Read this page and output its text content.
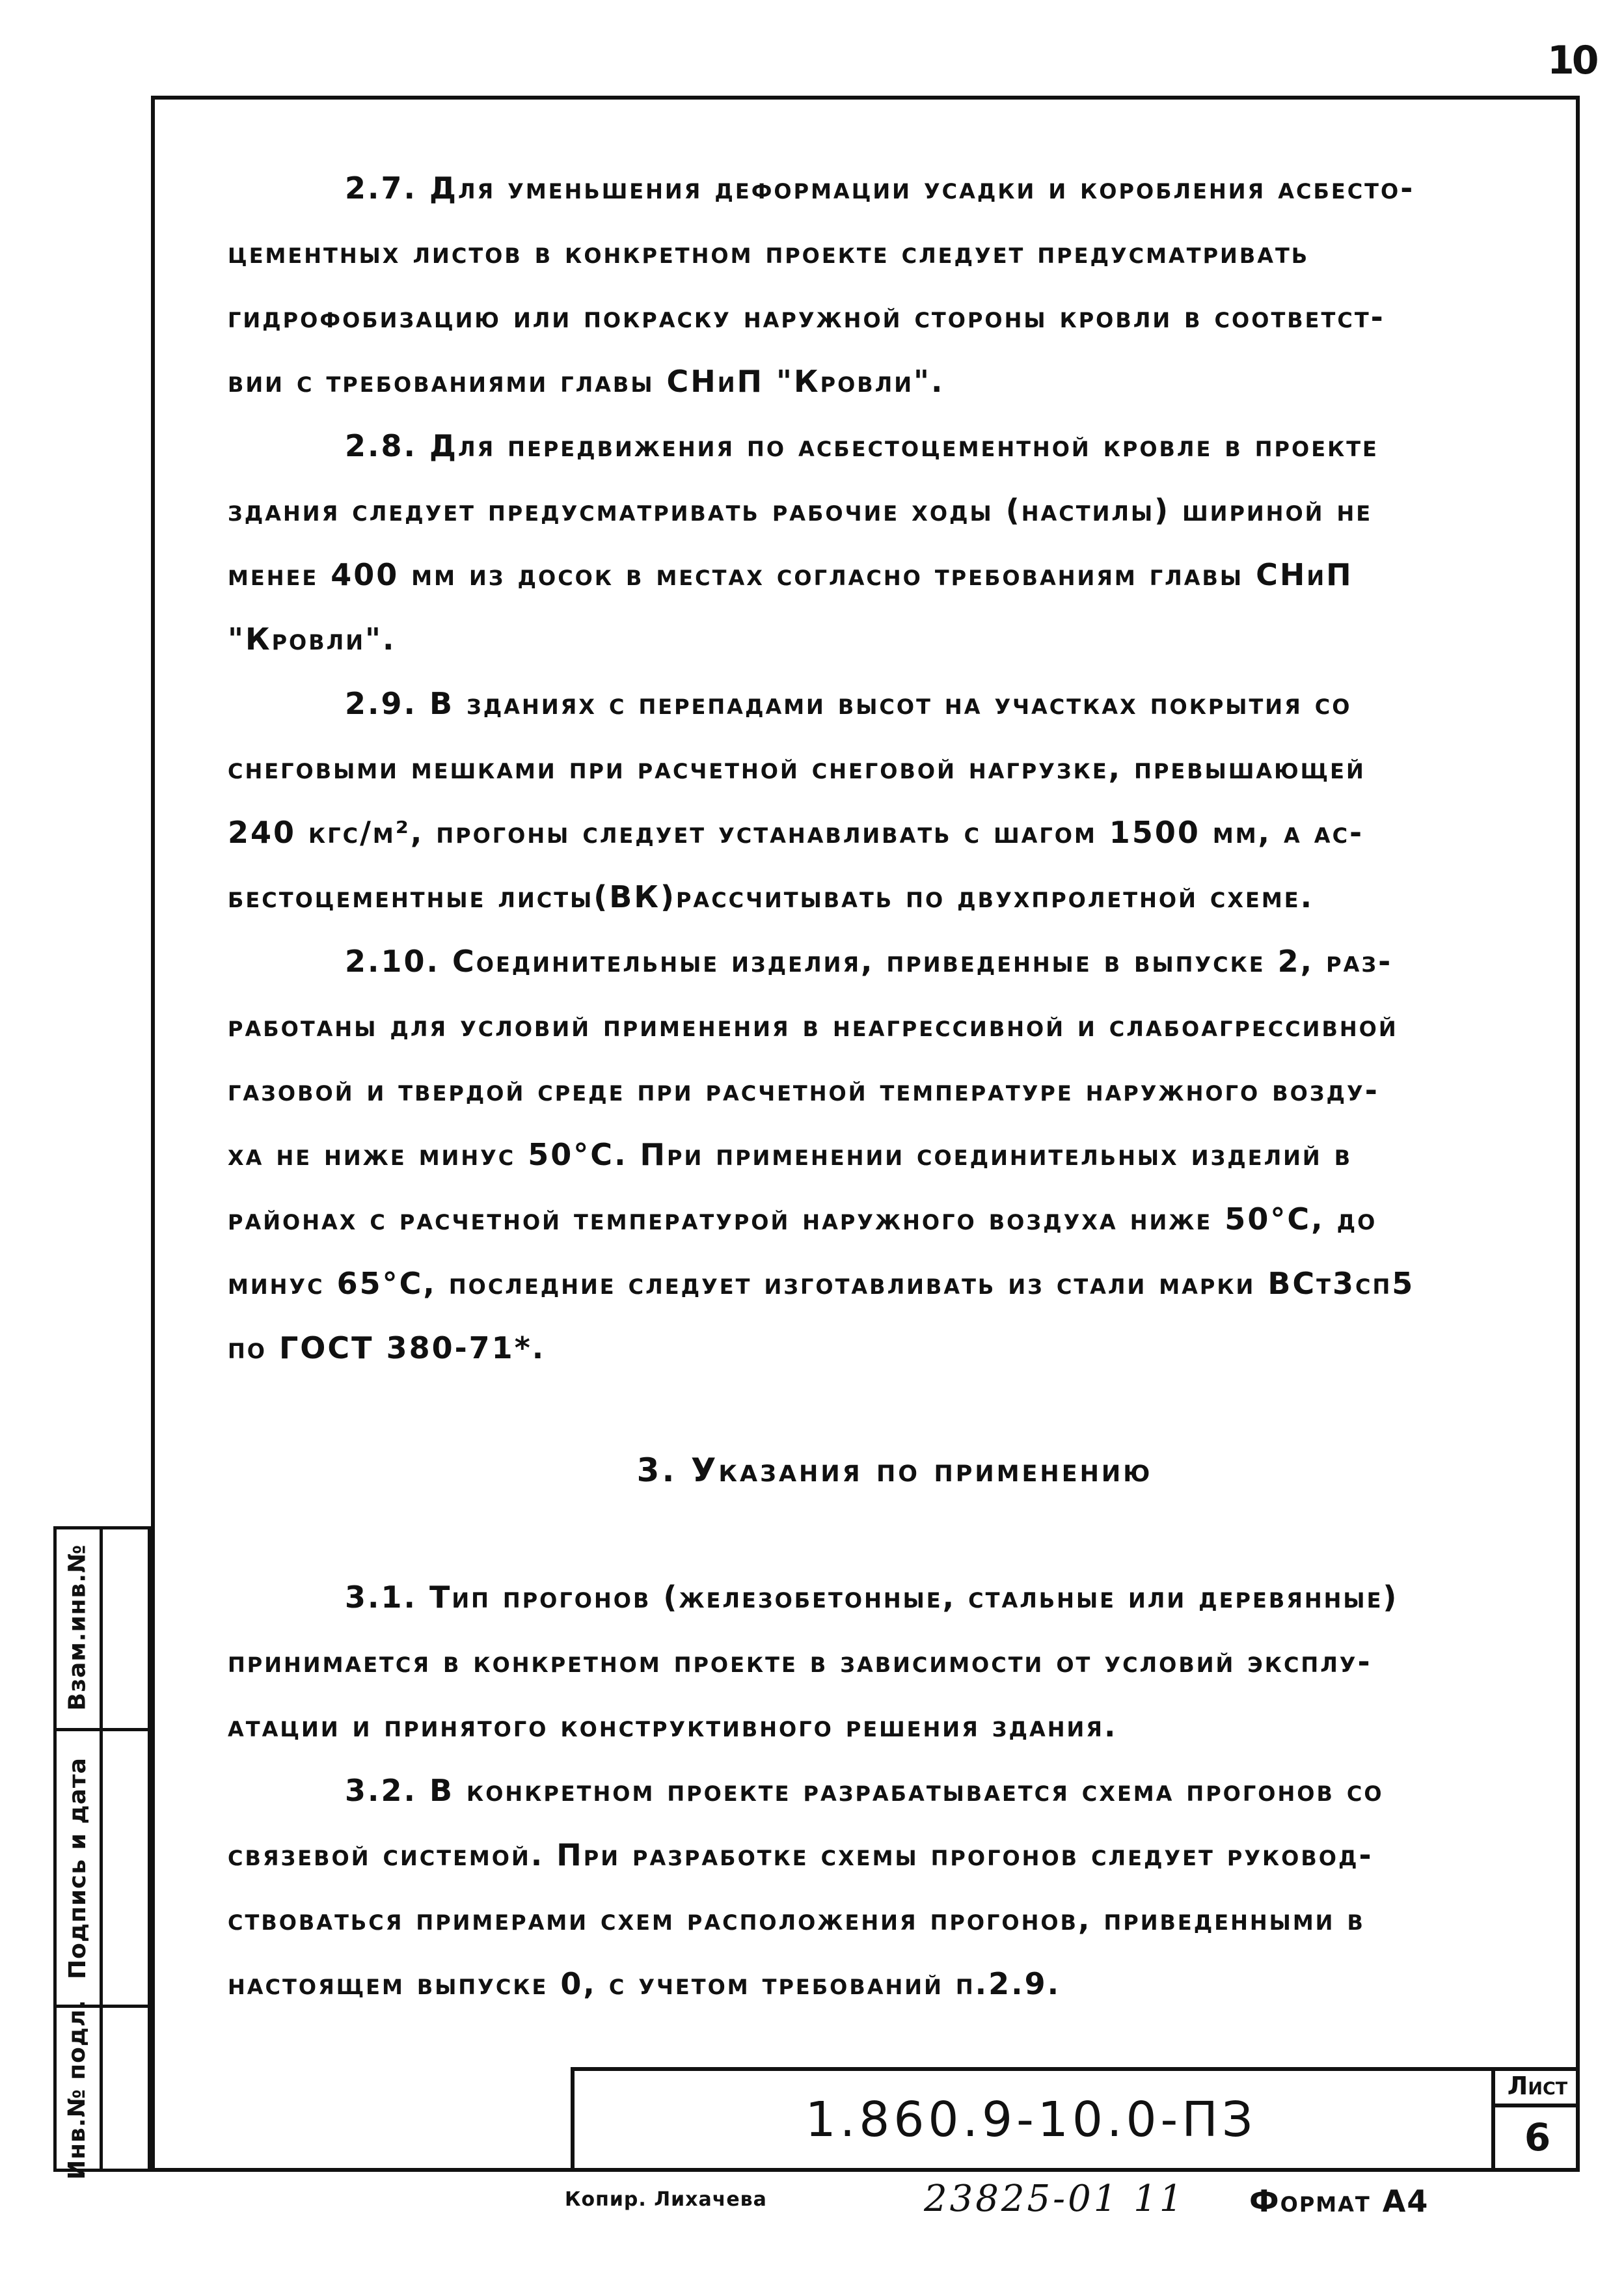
10
2.7. Для уменьшения деформации усадки и коробления асбесто-
цементных листов в конкретном проекте следует предусматривать
гидрофобизацию или покраску наружной стороны кровли в соответст-
вии с требованиями главы СНиП "Кровли".
2.8. Для передвижения по асбестоцементной кровле в проекте
здания следует предусматривать рабочие ходы (настилы) шириной не
менее 400 мм из досок в местах согласно требованиям главы СНиП
"Кровли".
2.9. В зданиях с перепадами высот на участках покрытия со
снеговыми мешками при расчетной снеговой нагрузке, превышающей
240 кгс/м², прогоны следует устанавливать с шагом 1500 мм, а ас-
бестоцементные листы(ВК)рассчитывать по двухпролетной схеме.
2.10. Соединительные изделия, приведенные в выпуске 2, раз-
работаны для условий применения в неагрессивной и слабоагрессивной
газовой и твердой среде при расчетной температуре наружного возду-
ха не ниже минус 50°С. При применении соединительных изделий в
районах с расчетной температурой наружного воздуха ниже 50°С, до
минус 65°С, последние следует изготавливать из стали марки ВСт3сп5
по ГОСТ 380-71*.
3. Указания по применению
3.1. Тип прогонов (железобетонные, стальные или деревянные)
принимается в конкретном проекте в зависимости от условий эксплу-
атации и принятого конструктивного решения здания.
3.2. В конкретном проекте разрабатывается схема прогонов со
связевой системой. При разработке схемы прогонов следует руковод-
ствоваться примерами схем расположения прогонов, приведенными в
настоящем выпуске 0, с учетом требований п.2.9.
Взам.инв.№
Подпись и дата
Инв.№ подл.	1.860.9-10.0-ПЗ
Лист
6
Копир. Лихачева	23825-01 11 Формат А4
